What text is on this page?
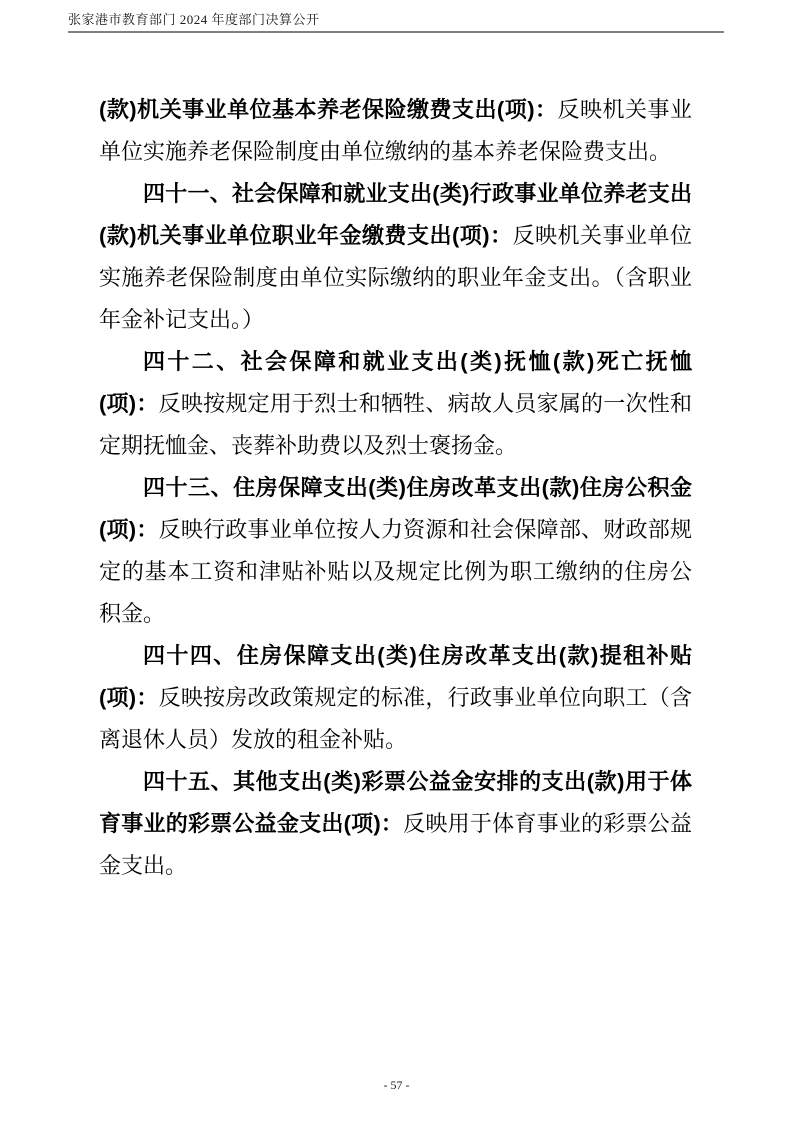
张家港市教育部门 2024 年度部门决算公开

(款)机关事业单位基本养老保险缴费支出(项)：反映机关事业单位实施养老保险制度由单位缴纳的基本养老保险费支出。

四十一、社会保障和就业支出(类)行政事业单位养老支出(款)机关事业单位职业年金缴费支出(项)：反映机关事业单位实施养老保险制度由单位实际缴纳的职业年金支出。（含职业年金补记支出。）

四十二、社会保障和就业支出(类)抚恤(款)死亡抚恤(项)：反映按规定用于烈士和牺牲、病故人员家属的一次性和定期抚恤金、丧葬补助费以及烈士褒扬金。

四十三、住房保障支出(类)住房改革支出(款)住房公积金(项)：反映行政事业单位按人力资源和社会保障部、财政部规定的基本工资和津贴补贴以及规定比例为职工缴纳的住房公积金。

四十四、住房保障支出(类)住房改革支出(款)提租补贴(项)：反映按房改政策规定的标准，行政事业单位向职工（含离退休人员）发放的租金补贴。

四十五、其他支出(类)彩票公益金安排的支出(款)用于体育事业的彩票公益金支出(项)：反映用于体育事业的彩票公益金支出。

- 57 -
